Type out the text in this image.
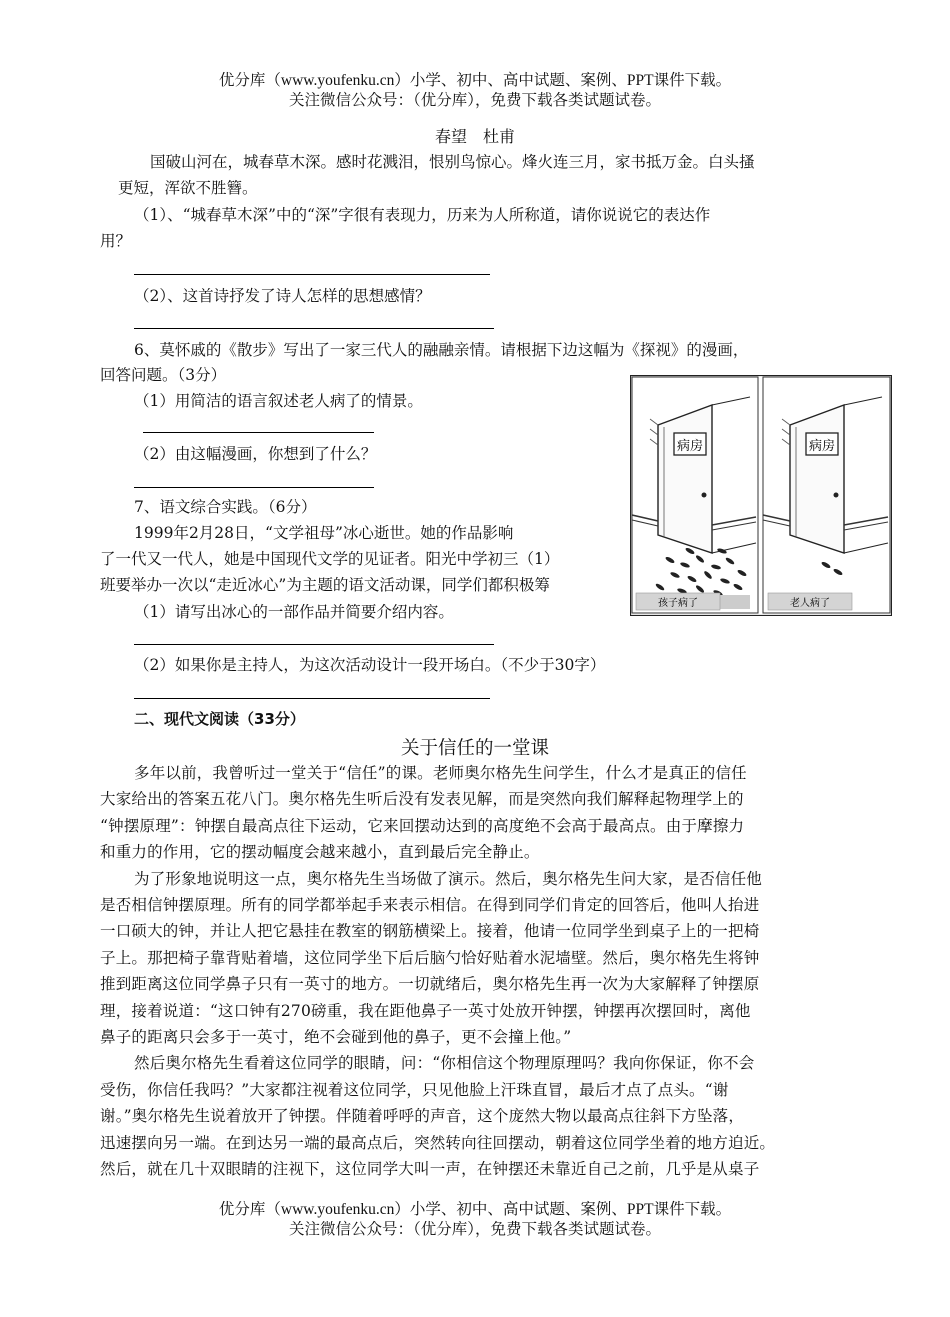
优分库（www.youfenku.cn）小学、初中、高中试题、案例、PPT课件下载。
关注微信公众号：（优分库），免费下载各类试题试卷。
春望　杜甫
国破山河在，城春草木深。感时花溅泪，恨别鸟惊心。烽火连三月，家书抵万金。白头搔
更短，浑欲不胜簪。
（1）、“城春草木深”中的“深”字很有表现力，历来为人所称道，请你说说它的表达作
用？
（2）、这首诗抒发了诗人怎样的思想感情？
6、莫怀戚的《散步》写出了一家三代人的融融亲情。请根据下边这幅为《探视》的漫画，
回答问题。（3分）
（1）用简洁的语言叙述老人病了的情景。
（2）由这幅漫画，你想到了什么？
7、语文综合实践。（6分）
1999年2月28日，“文学祖母”冰心逝世。她的作品影响
了一代又一代人，她是中国现代文学的见证者。阳光中学初三（1）
班要举办一次以“走近冰心”为主题的语文活动课，同学们都积极筹
（1）请写出冰心的一部作品并简要介绍内容。
（2）如果你是主持人，为这次活动设计一段开场白。（不少于30字）
病房
孩子病了
病房
老人病了
二、现代文阅读（33分）
关于信任的一堂课
多年以前，我曾听过一堂关于“信任”的课。老师奥尔格先生问学生，什么才是真正的信任
大家给出的答案五花八门。奥尔格先生听后没有发表见解，而是突然向我们解释起物理学上的
“钟摆原理”：钟摆自最高点往下运动，它来回摆动达到的高度绝不会高于最高点。由于摩擦力
和重力的作用，它的摆动幅度会越来越小，直到最后完全静止。
为了形象地说明这一点，奥尔格先生当场做了演示。然后，奥尔格先生问大家，是否信任他
是否相信钟摆原理。所有的同学都举起手来表示相信。在得到同学们肯定的回答后，他叫人抬进
一口硕大的钟，并让人把它悬挂在教室的钢筋横梁上。接着，他请一位同学坐到桌子上的一把椅
子上。那把椅子靠背贴着墙，这位同学坐下后后脑勺恰好贴着水泥墙壁。然后，奥尔格先生将钟
推到距离这位同学鼻子只有一英寸的地方。一切就绪后，奥尔格先生再一次为大家解释了钟摆原
理，接着说道：“这口钟有270磅重，我在距他鼻子一英寸处放开钟摆，钟摆再次摆回时，离他
鼻子的距离只会多于一英寸，绝不会碰到他的鼻子，更不会撞上他。”
然后奥尔格先生看着这位同学的眼睛，问：“你相信这个物理原理吗？我向你保证，你不会
受伤，你信任我吗？”大家都注视着这位同学，只见他脸上汗珠直冒，最后才点了点头。“谢
谢。”奥尔格先生说着放开了钟摆。伴随着呼呼的声音，这个庞然大物以最高点往斜下方坠落，
迅速摆向另一端。在到达另一端的最高点后，突然转向往回摆动，朝着这位同学坐着的地方迫近。
然后，就在几十双眼睛的注视下，这位同学大叫一声，在钟摆还未靠近自己之前，几乎是从桌子
优分库（www.youfenku.cn）小学、初中、高中试题、案例、PPT课件下载。
关注微信公众号：（优分库），免费下载各类试题试卷。
